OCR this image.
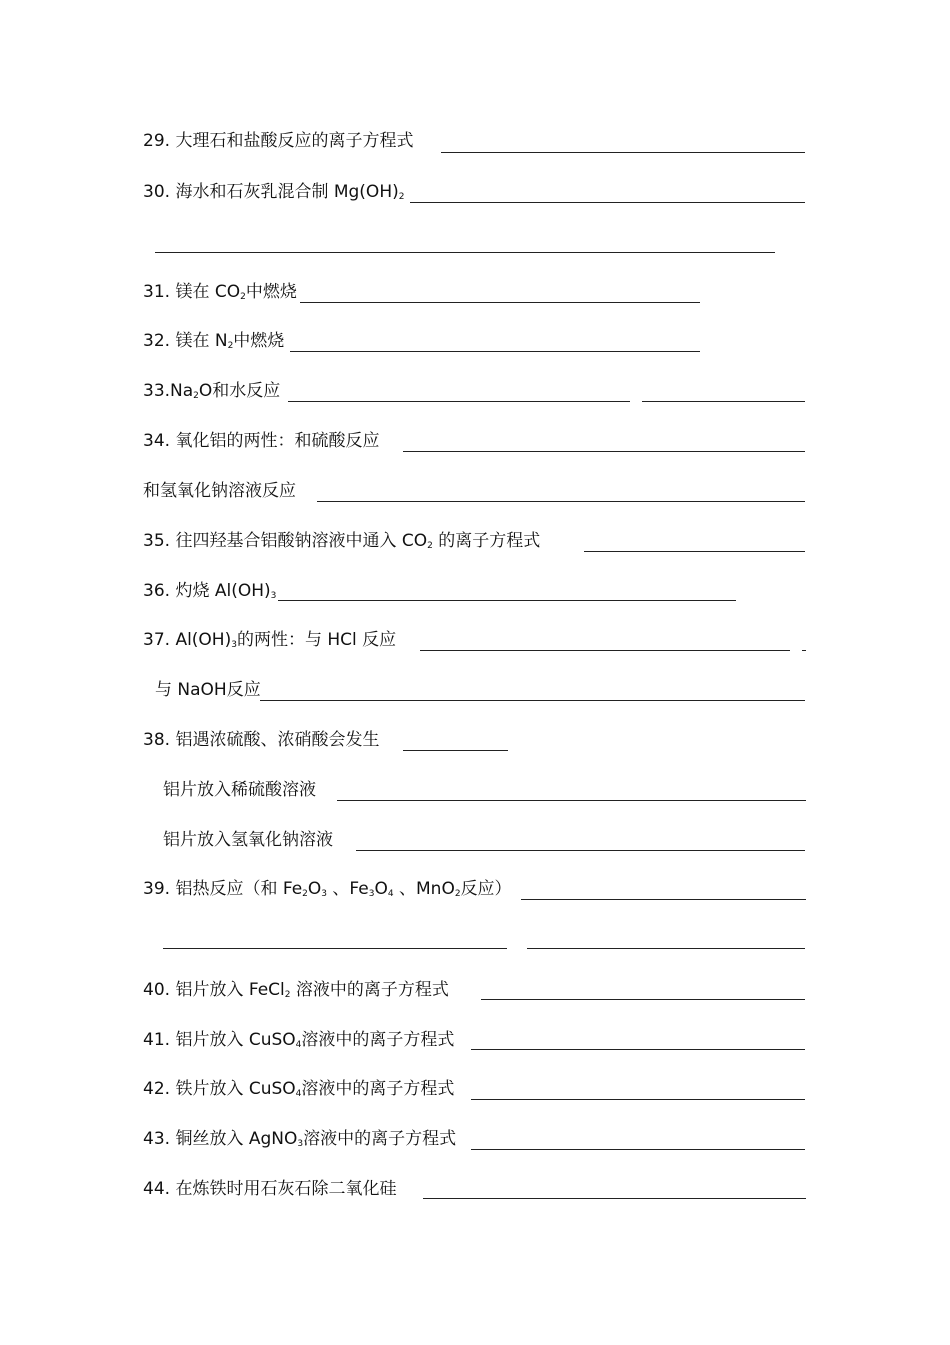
29. 大理石和盐酸反应的离子方程式
30. 海水和石灰乳混合制 $Mg(OH)_2$
31. 镁在 $CO_2$中燃烧
32. 镁在 $N_2$中燃烧
$33.Na_2O$和水反应
34. 氧化铝的两性：和硫酸反应
和氢氧化钠溶液反应
35. 往四羟基合铝酸钠溶液中通入 $CO_2$ 的离子方程式
36. 灼烧 $Al(OH)_3$
37. $Al(OH)_3$的两性：与 HCl 反应
与 NaOH反应
38. 铝遇浓硫酸、浓硝酸会发生
铝片放入稀硫酸溶液
铝片放入氢氧化钠溶液
39. 铝热反应（和 $Fe_2O_3$ 、$Fe_3O_4$ 、MnO$_2$反应）
40. 铝片放入 FeCl$_2$ 溶液中的离子方程式
41. 铝片放入 CuSO$_4$溶液中的离子方程式
42. 铁片放入 CuSO$_4$溶液中的离子方程式
43. 铜丝放入 AgNO$_3$溶液中的离子方程式
44. 在炼铁时用石灰石除二氧化硅
